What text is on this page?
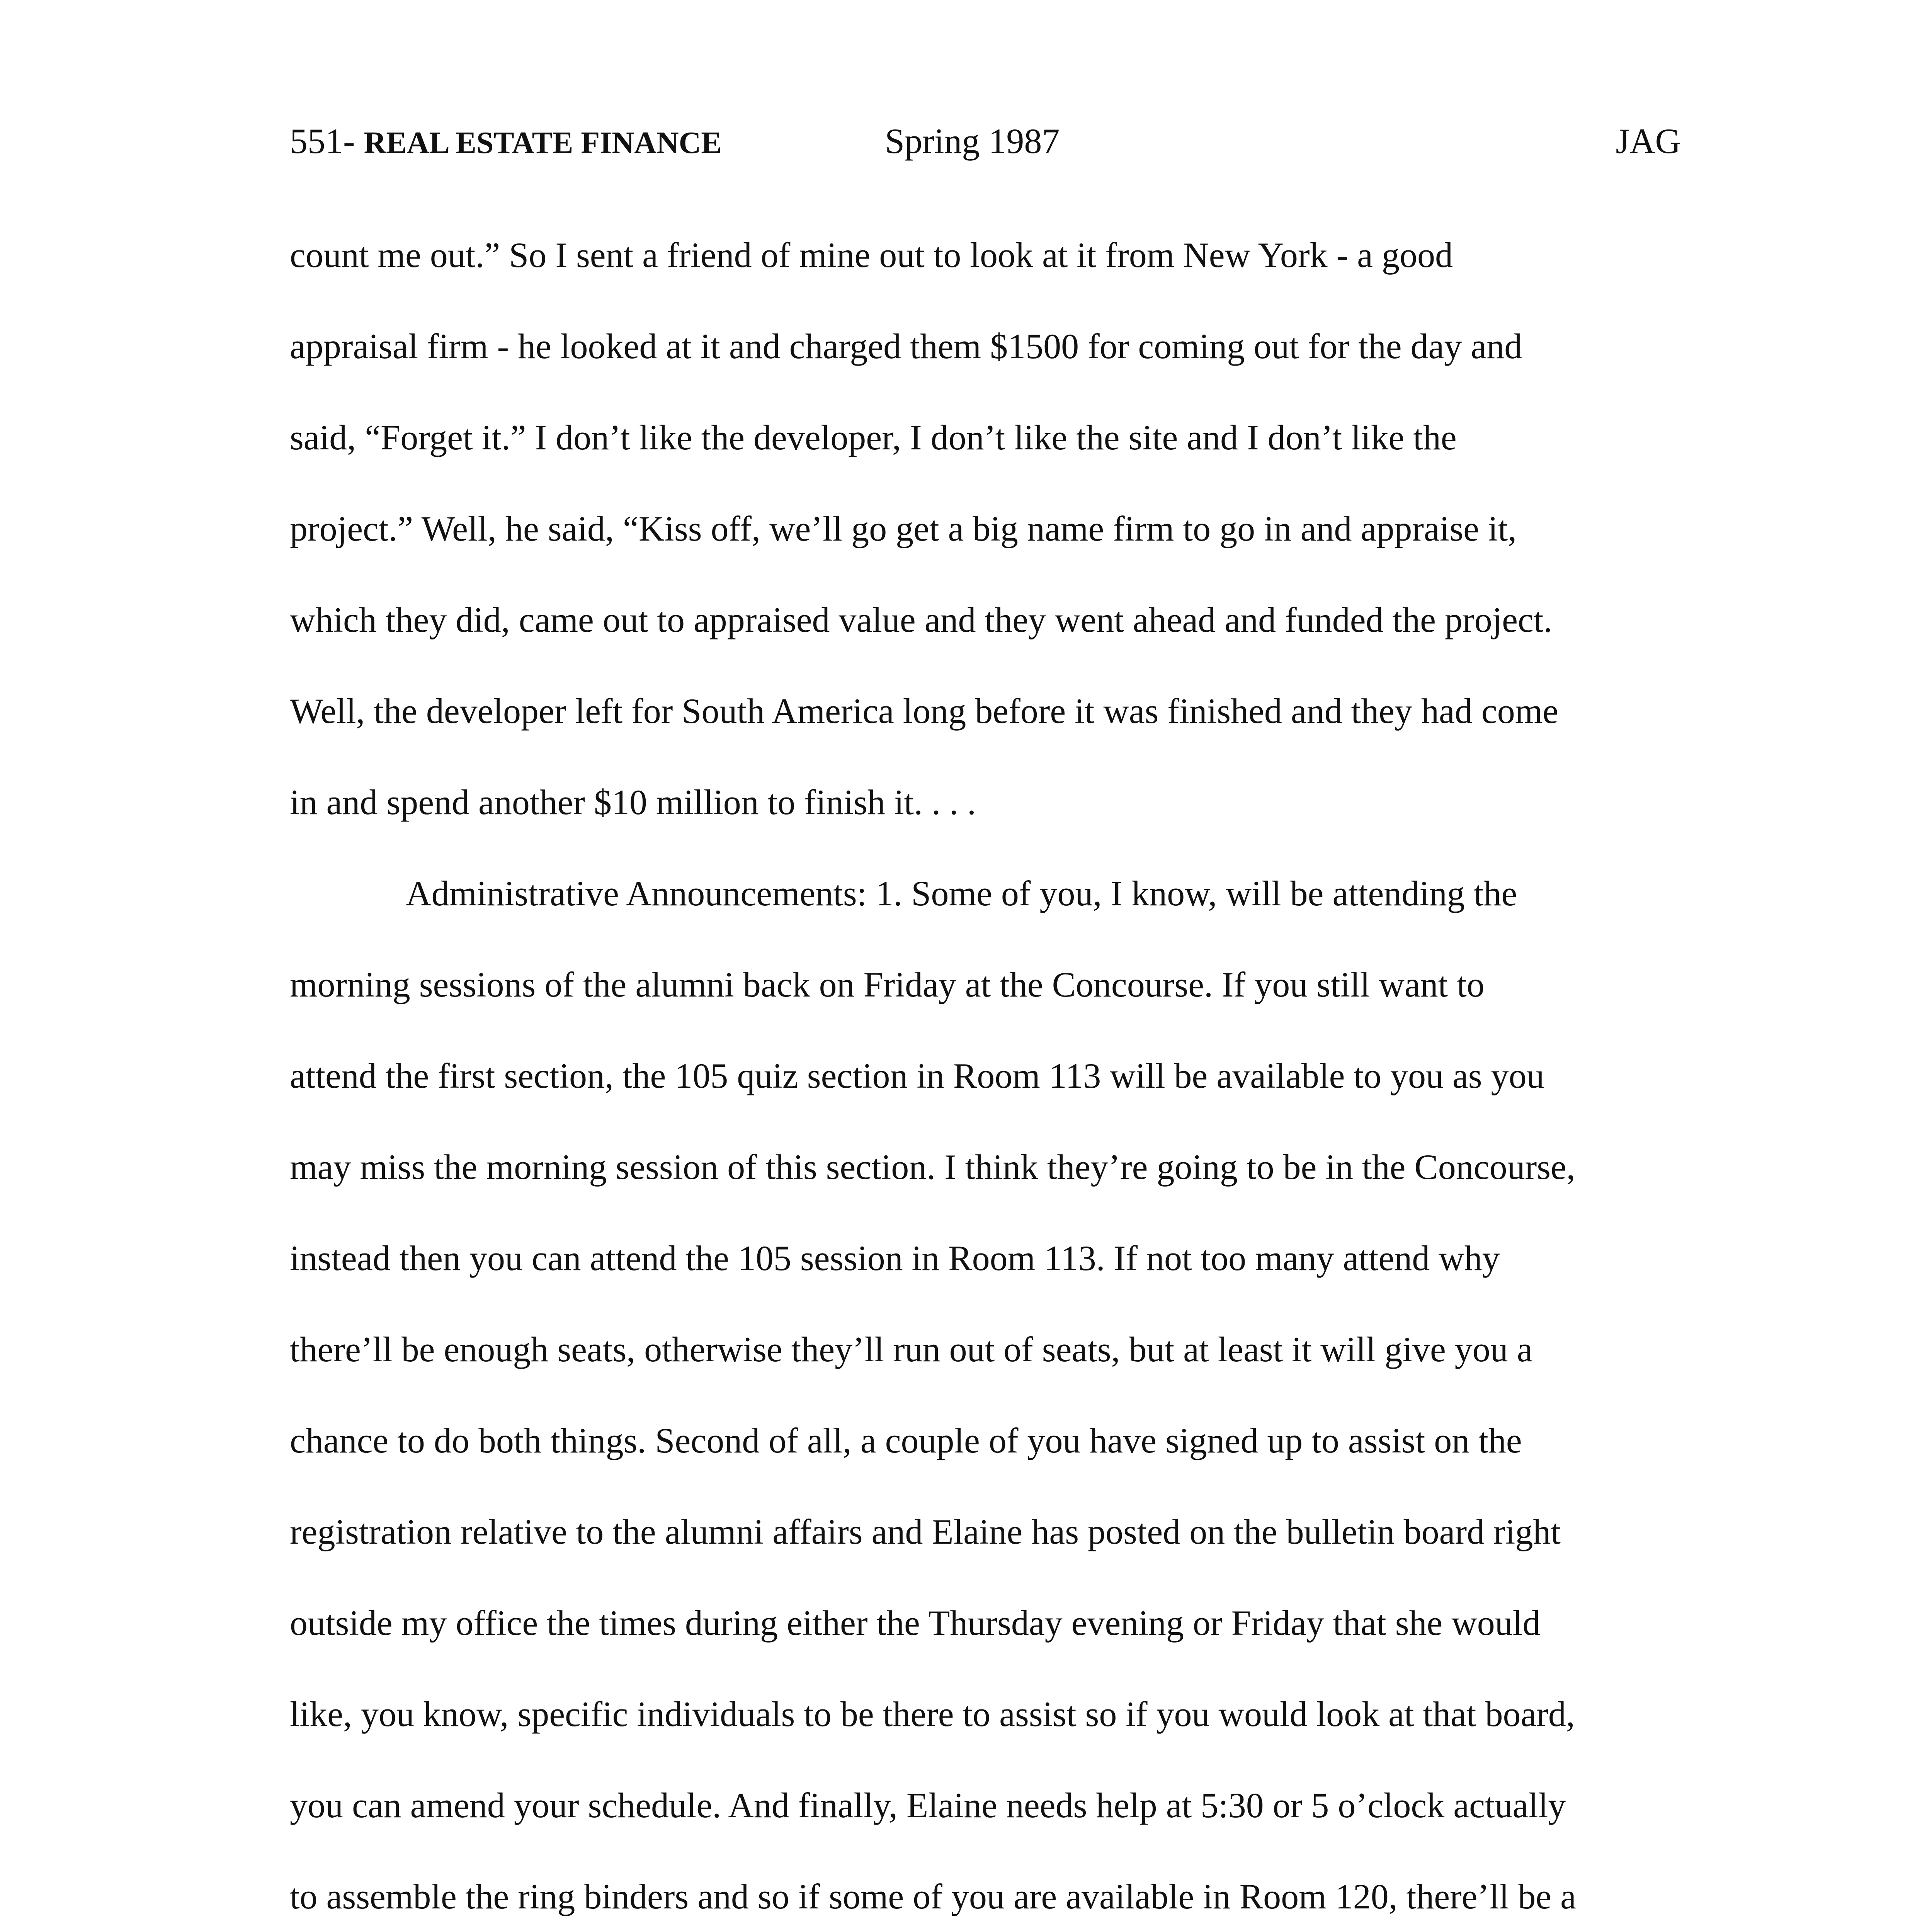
551- REAL ESTATE FINANCE	Spring 1987	JAG
count me out.” So I sent a friend of mine out to look at it from New York - a good
appraisal firm - he looked at it and charged them $1500 for coming out for the day and
said, “Forget it.” I don’t like the developer, I don’t like the site and I don’t like the
project.” Well, he said, “Kiss off, we’ll go get a big name firm to go in and appraise it,
which they did, came out to appraised value and they went ahead and funded the project.
Well, the developer left for South America long before it was finished and they had come
in and spend another $10 million to finish it. . . .
Administrative Announcements: 1. Some of you, I know, will be attending the
morning sessions of the alumni back on Friday at the Concourse. If you still want to
attend the first section, the 105 quiz section in Room 113 will be available to you as you
may miss the morning session of this section. I think they’re going to be in the Concourse,
instead then you can attend the 105 session in Room 113. If not too many attend why
there’ll be enough seats, otherwise they’ll run out of seats, but at least it will give you a
chance to do both things. Second of all, a couple of you have signed up to assist on the
registration relative to the alumni affairs and Elaine has posted on the bulletin board right
outside my office the times during either the Thursday evening or Friday that she would
like, you know, specific individuals to be there to assist so if you would look at that board,
you can amend your schedule. And finally, Elaine needs help at 5:30 or 5 o’clock actually
to assemble the ring binders and so if some of you are available in Room 120, there’ll be a
